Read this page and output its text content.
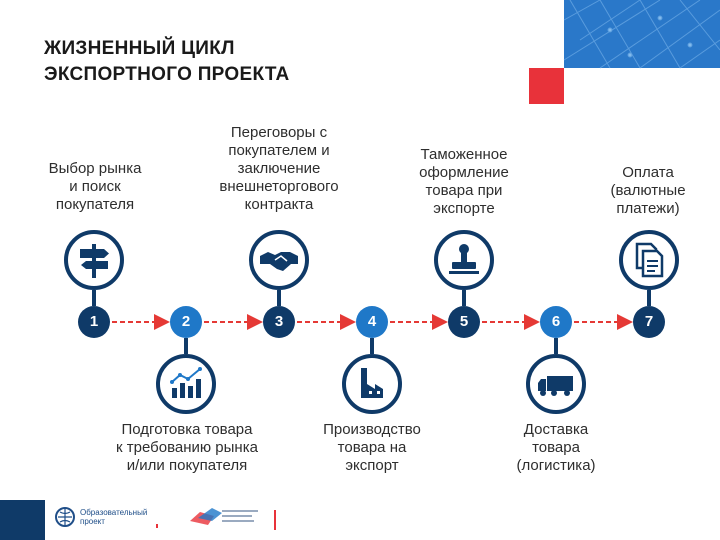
ЖИЗНЕННЫЙ ЦИКЛ
ЭКСПОРТНОГО ПРОЕКТА
Выбор рынка
и поиск
покупателя
Подготовка товара
к требованию рынка
и/или покупателя
Переговоры с
покупателем и
заключение
внешнеторгового
контракта
Производство
товара на
экспорт
Таможенное
оформление
товара при
экспорте
Доставка
товара
(логистика)
Оплата
(валютные
платежи)
1	2	3	4	5	6	7
Образовательный
проект
